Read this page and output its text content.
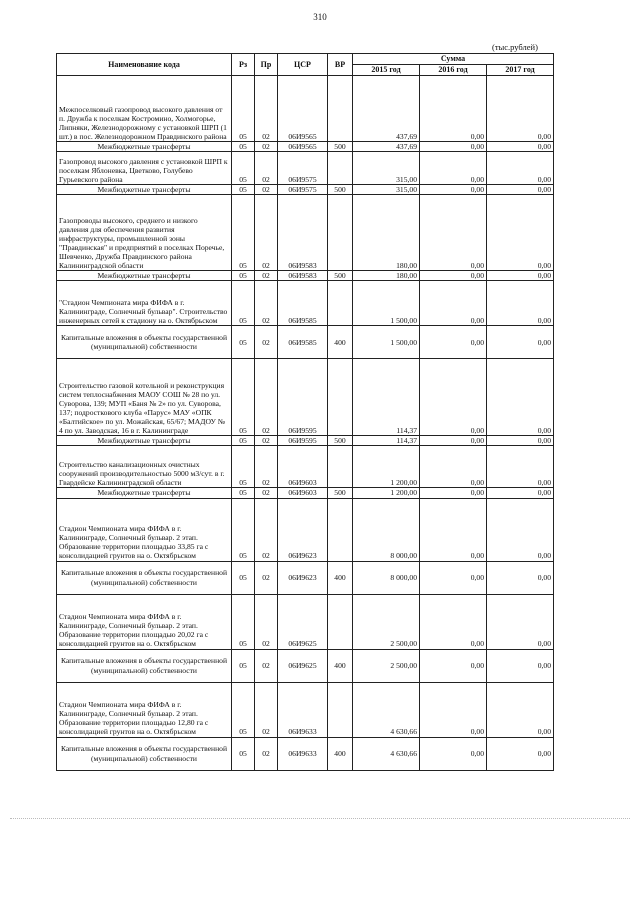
310
(тыс.рублей)
Наименование кода	Рз	Пр	ЦСР	ВР	Сумма		
					2015 год	2016 год	2017 год
Межпоселковый газопровод высокого давления от п. Дружба к поселкам Костромино, Холмогорье, Липняки, Железнодорожному с установкой ШРП (1 шт.) в пос. Железнодорожном Правдинского района	05	02	06И9565		437,69	0,00	0,00
Межбюджетные трансферты	05	02	06И9565	500	437,69	0,00	0,00
Газопровод высокого давления с установкой ШРП к поселкам Яблоневка, Цветково, Голубево Гурьевского района	05	02	06И9575		315,00	0,00	0,00
Межбюджетные трансферты	05	02	06И9575	500	315,00	0,00	0,00
Газопроводы высокого, среднего и низкого давления для обеспечения развития инфраструктуры, промышленной зоны "Правдинская" и предприятий в поселках Поречье, Шевченко, Дружба Правдинского района Калининградской области	05	02	06И9583		180,00	0,00	0,00
Межбюджетные трансферты	05	02	06И9583	500	180,00	0,00	0,00
"Стадион Чемпионата мира ФИФА в г. Калининграде, Солнечный бульвар". Строительство инженерных сетей к стадиону на о. Октябрьском	05	02	06И9585		1 500,00	0,00	0,00
Капитальные вложения в объекты государственной (муниципальной) собственности	05	02	06И9585	400	1 500,00	0,00	0,00
Строительство газовой котельной и реконструкция систем теплоснабжения МАОУ СОШ № 28 по ул. Суворова, 139; МУП «Баня № 2» по ул. Суворова, 137; подросткового клуба «Парус» МАУ «ОПК «Балтийское» по ул. Можайская, 65/67; МАДОУ № 4 по ул. Заводская, 16 в г. Калининграде	05	02	06И9595		114,37	0,00	0,00
Межбюджетные трансферты	05	02	06И9595	500	114,37	0,00	0,00
Строительство канализационных очистных сооружений производительностью 5000 м3/сут. в г. Гвардейске Калининградской области	05	02	06И9603		1 200,00	0,00	0,00
Межбюджетные трансферты	05	02	06И9603	500	1 200,00	0,00	0,00
Стадион Чемпионата мира ФИФА в г. Калининграде, Солнечный бульвар. 2 этап. Образование территории площадью 33,85 га с консолидацией грунтов на о. Октябрьском	05	02	06И9623		8 000,00	0,00	0,00
Капитальные вложения в объекты государственной (муниципальной) собственности	05	02	06И9623	400	8 000,00	0,00	0,00
Стадион Чемпионата мира ФИФА в г. Калининграде, Солнечный бульвар. 2 этап. Образование территории площадью 20,02 га с консолидацией грунтов на о. Октябрьском	05	02	06И9625		2 500,00	0,00	0,00
Капитальные вложения в объекты государственной (муниципальной) собственности	05	02	06И9625	400	2 500,00	0,00	0,00
Стадион Чемпионата мира ФИФА в г. Калининграде, Солнечный бульвар. 2 этап. Образование территории площадью 12,80 га с консолидацией грунтов на о. Октябрьском	05	02	06И9633		4 630,66	0,00	0,00
Капитальные вложения в объекты государственной (муниципальной) собственности	05	02	06И9633	400	4 630,66	0,00	0,00
